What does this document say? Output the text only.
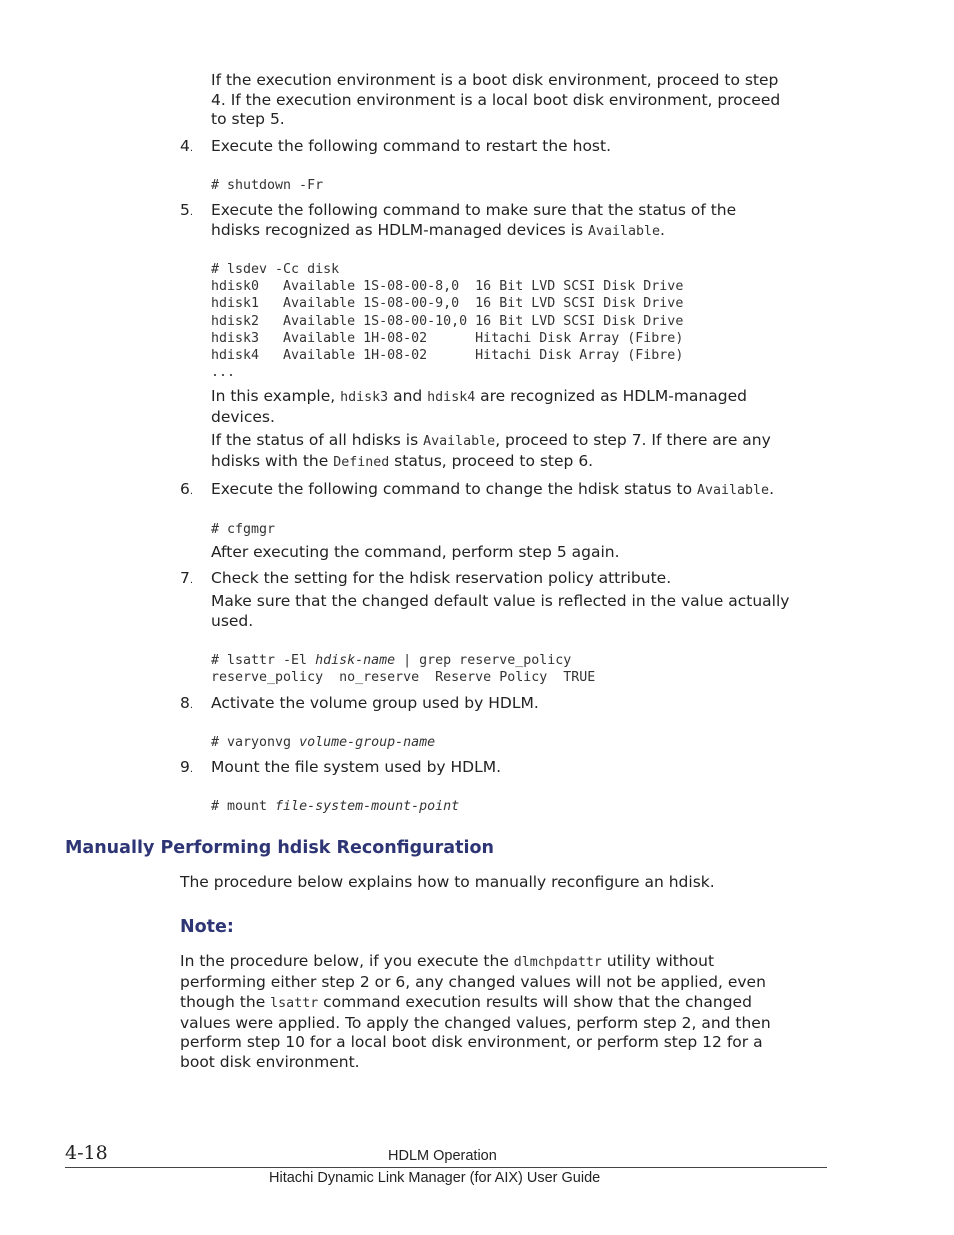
If the execution environment is a boot disk environment, proceed to step
4. If the execution environment is a local boot disk environment, proceed
to step 5.
4 . Execute the following command to restart the host.
# shutdown -Fr
5 . Execute the following command to make sure that the status of the
hdisks recognized as HDLM-managed devices is Available.
# lsdev -Cc disk
hdisk0   Available 1S-08-00-8,0  16 Bit LVD SCSI Disk Drive
hdisk1   Available 1S-08-00-9,0  16 Bit LVD SCSI Disk Drive
hdisk2   Available 1S-08-00-10,0 16 Bit LVD SCSI Disk Drive
hdisk3   Available 1H-08-02      Hitachi Disk Array (Fibre)
hdisk4   Available 1H-08-02      Hitachi Disk Array (Fibre)
...
In this example, hdisk3 and hdisk4 are recognized as HDLM-managed
devices.
If the status of all hdisks is Available, proceed to step 7. If there are any
hdisks with the Defined status, proceed to step 6.
6 . Execute the following command to change the hdisk status to Available.
# cfgmgr
After executing the command, perform step 5 again.
7 . Check the setting for the hdisk reservation policy attribute.
Make sure that the changed default value is reflected in the value actually
used.
# lsattr -El hdisk-name | grep reserve_policy
reserve_policy  no_reserve  Reserve Policy  TRUE
8 . Activate the volume group used by HDLM.
# varyonvg volume-group-name
9 . Mount the file system used by HDLM.
# mount file-system-mount-point
Manually Performing hdisk Reconfiguration
The procedure below explains how to manually reconfigure an hdisk.
Note:
In the procedure below, if you execute the dlmchpdattr utility without
performing either step 2 or 6, any changed values will not be applied, even
though the lsattr command execution results will show that the changed
values were applied. To apply the changed values, perform step 2, and then
perform step 10 for a local boot disk environment, or perform step 12 for a
boot disk environment.
4-18	HDLM Operation
Hitachi Dynamic Link Manager (for AIX) User Guide
